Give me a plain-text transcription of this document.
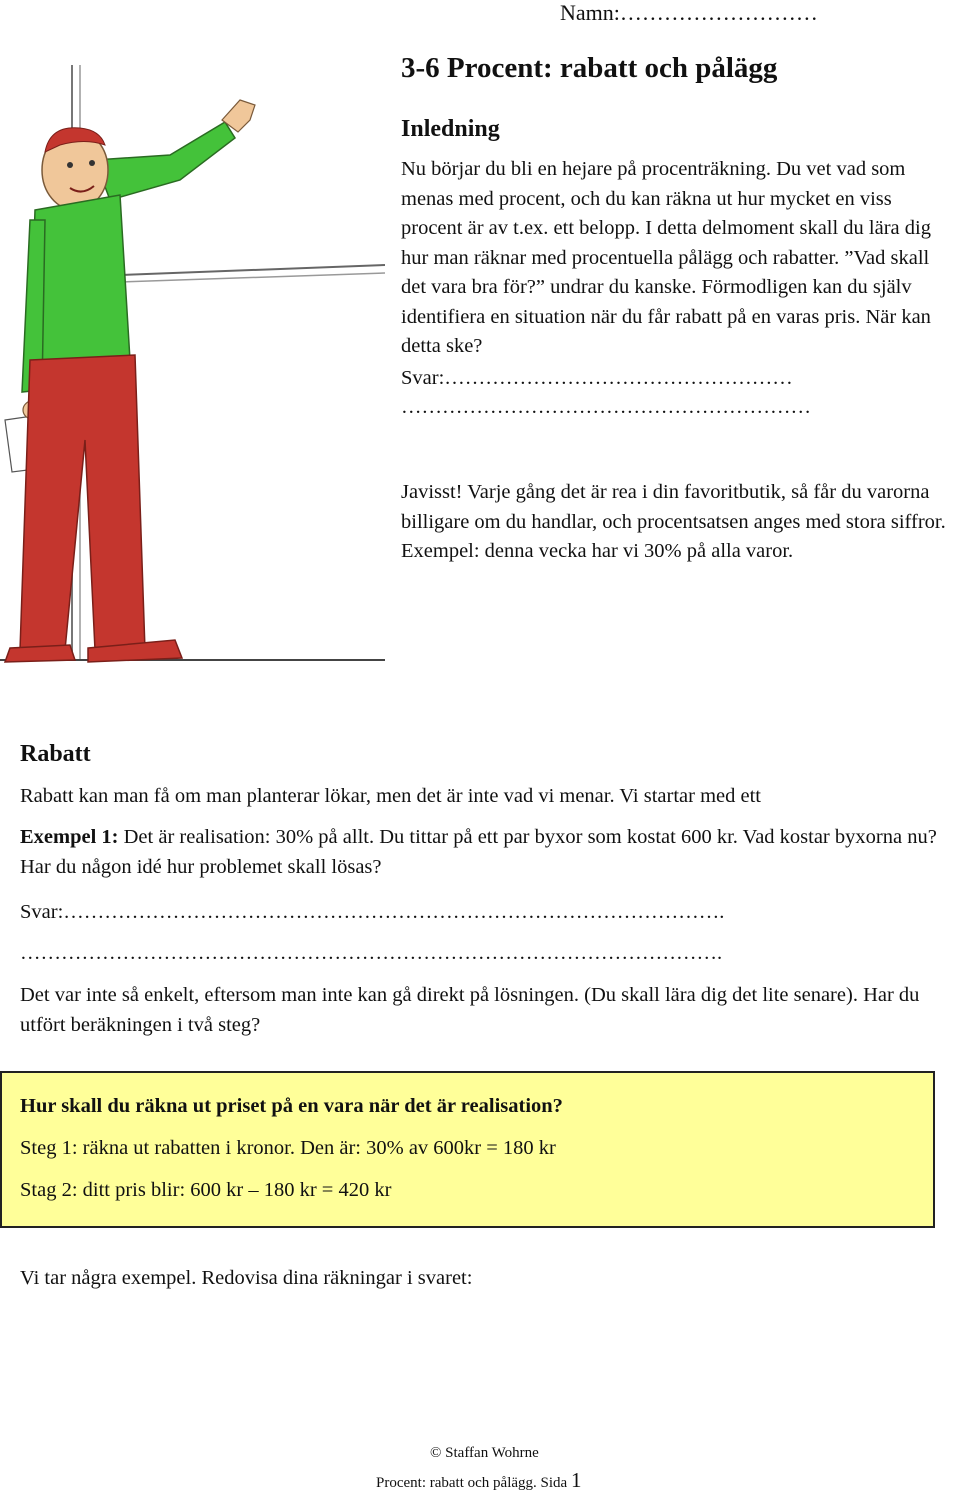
Namn:………………………
3-6 Procent: rabatt och pålägg
Inledning

Nu börjar du bli en hejare på procenträkning. Du vet vad som menas med procent, och du kan räkna ut hur mycket en viss procent är av t.ex. ett belopp. I detta delmoment skall du lära dig hur man räknar med procentuella pålägg och rabatter. ”Vad skall det vara bra för?” undrar du kanske. Förmodligen kan du själv identifiera en situation när du får rabatt på en varas pris. När kan detta ske?

Svar:……………………………………………

……………………………………………………

Javisst! Varje gång det är rea i din favoritbutik, så får du varorna billigare om du handlar, och procentsatsen anges med stora siffror. Exempel: denna vecka har vi 30% på alla varor.

Rabatt

Rabatt kan man få om man planterar lökar, men det är inte vad vi menar. Vi startar med ett

Exempel 1: Det är realisation: 30% på allt. Du tittar på ett par byxor som kostat 600 kr. Vad kostar byxorna nu? Har du någon idé hur problemet skall lösas?

Svar:…………………………………………………………………………………….

………………………………………………………………………………………….

Det var inte så enkelt, eftersom man inte kan gå direkt på lösningen. (Du skall lära dig det lite senare). Har du utfört beräkningen i två steg?

Hur skall du räkna ut priset på en vara när det är realisation?
Steg 1: räkna ut rabatten i kronor. Den är: 30% av 600kr = 180 kr
Stag 2: ditt pris blir: 600 kr – 180 kr = 420 kr

Vi tar några exempel. Redovisa dina räkningar i svaret:

© Staffan Wohrne
Procent: rabatt och pålägg. Sida 1
